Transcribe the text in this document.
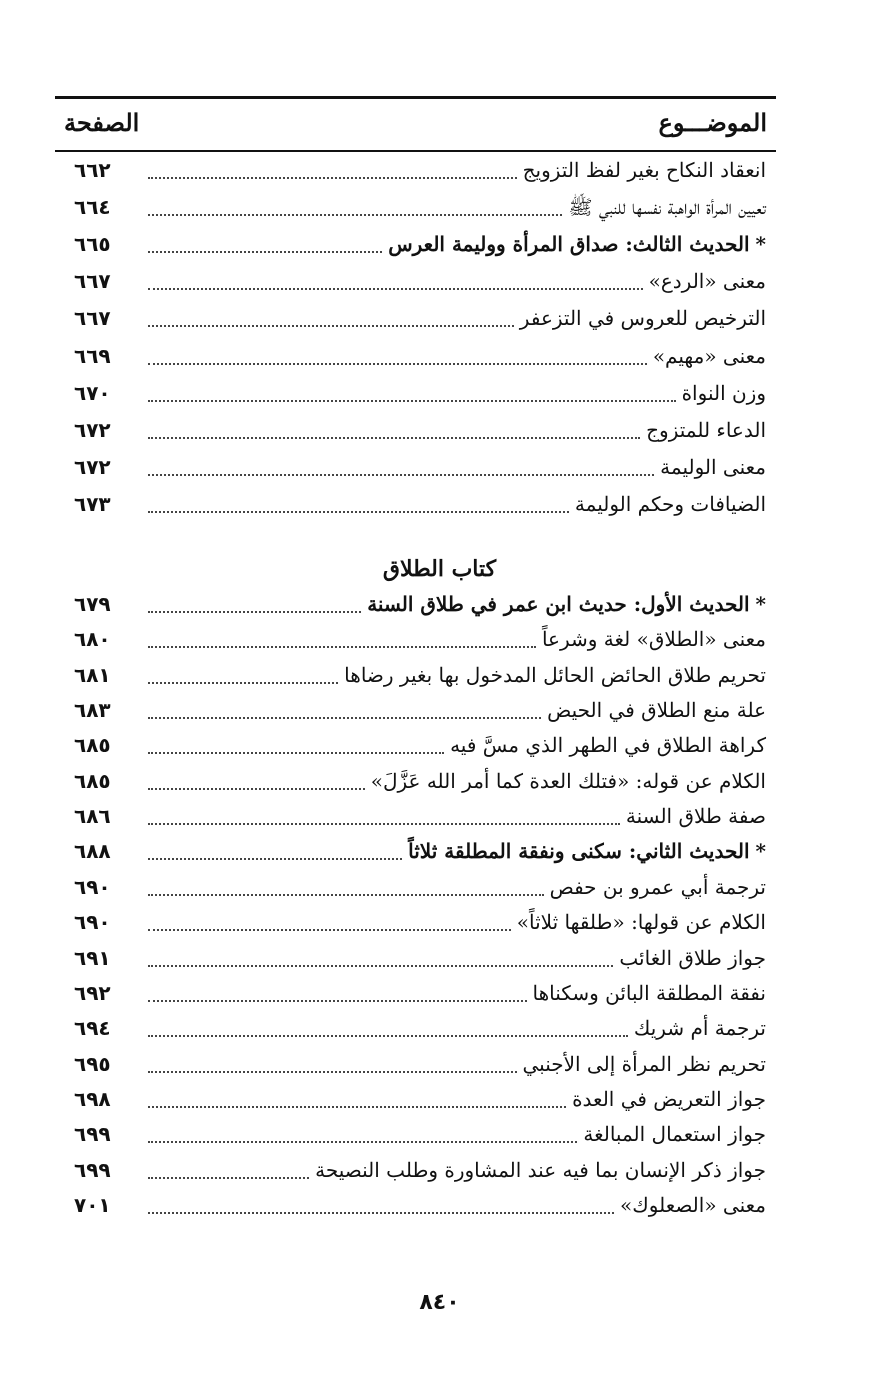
الموضـــوع
الصفحة
٦٦٢	انعقاد النكاح بغير لفظ التزويج
٦٦٤	تعيين المرأة الواهبة نفسها للنبي ﷺ
٦٦٥	*الحديث الثالث: صداق المرأة ووليمة العرس
٦٦٧	معنى «الردع»
٦٦٧	الترخيص للعروس في التزعفر
٦٦٩	معنى «مهيم»
٦٧٠	وزن النواة
٦٧٢	الدعاء للمتزوج
٦٧٢	معنى الوليمة
٦٧٣	الضيافات وحكم الوليمة
٦٧٩	*الحديث الأول: حديث ابن عمر في طلاق السنة
٦٨٠	معنى «الطلاق» لغة وشرعاً
٦٨١	تحريم طلاق الحائض الحائل المدخول بها بغير رضاها
٦٨٣	علة منع الطلاق في الحيض
٦٨٥	كراهة الطلاق في الطهر الذي مسَّ فيه
٦٨٥	الكلام عن قوله: «فتلك العدة كما أمر الله عَزَّلَ»
٦٨٦	صفة طلاق السنة
٦٨٨	*الحديث الثاني: سكنى ونفقة المطلقة ثلاثاً
٦٩٠	ترجمة أبي عمرو بن حفص
٦٩٠	الكلام عن قولها: «طلقها ثلاثاً»
٦٩١	جواز طلاق الغائب
٦٩٢	نفقة المطلقة البائن وسكناها
٦٩٤	ترجمة أم شريك
٦٩٥	تحريم نظر المرأة إلى الأجنبي
٦٩٨	جواز التعريض في العدة
٦٩٩	جواز استعمال المبالغة
٦٩٩	جواز ذكر الإنسان بما فيه عند المشاورة وطلب النصيحة
٧٠١	معنى «الصعلوك»
كتاب الطلاق
٨٤٠
